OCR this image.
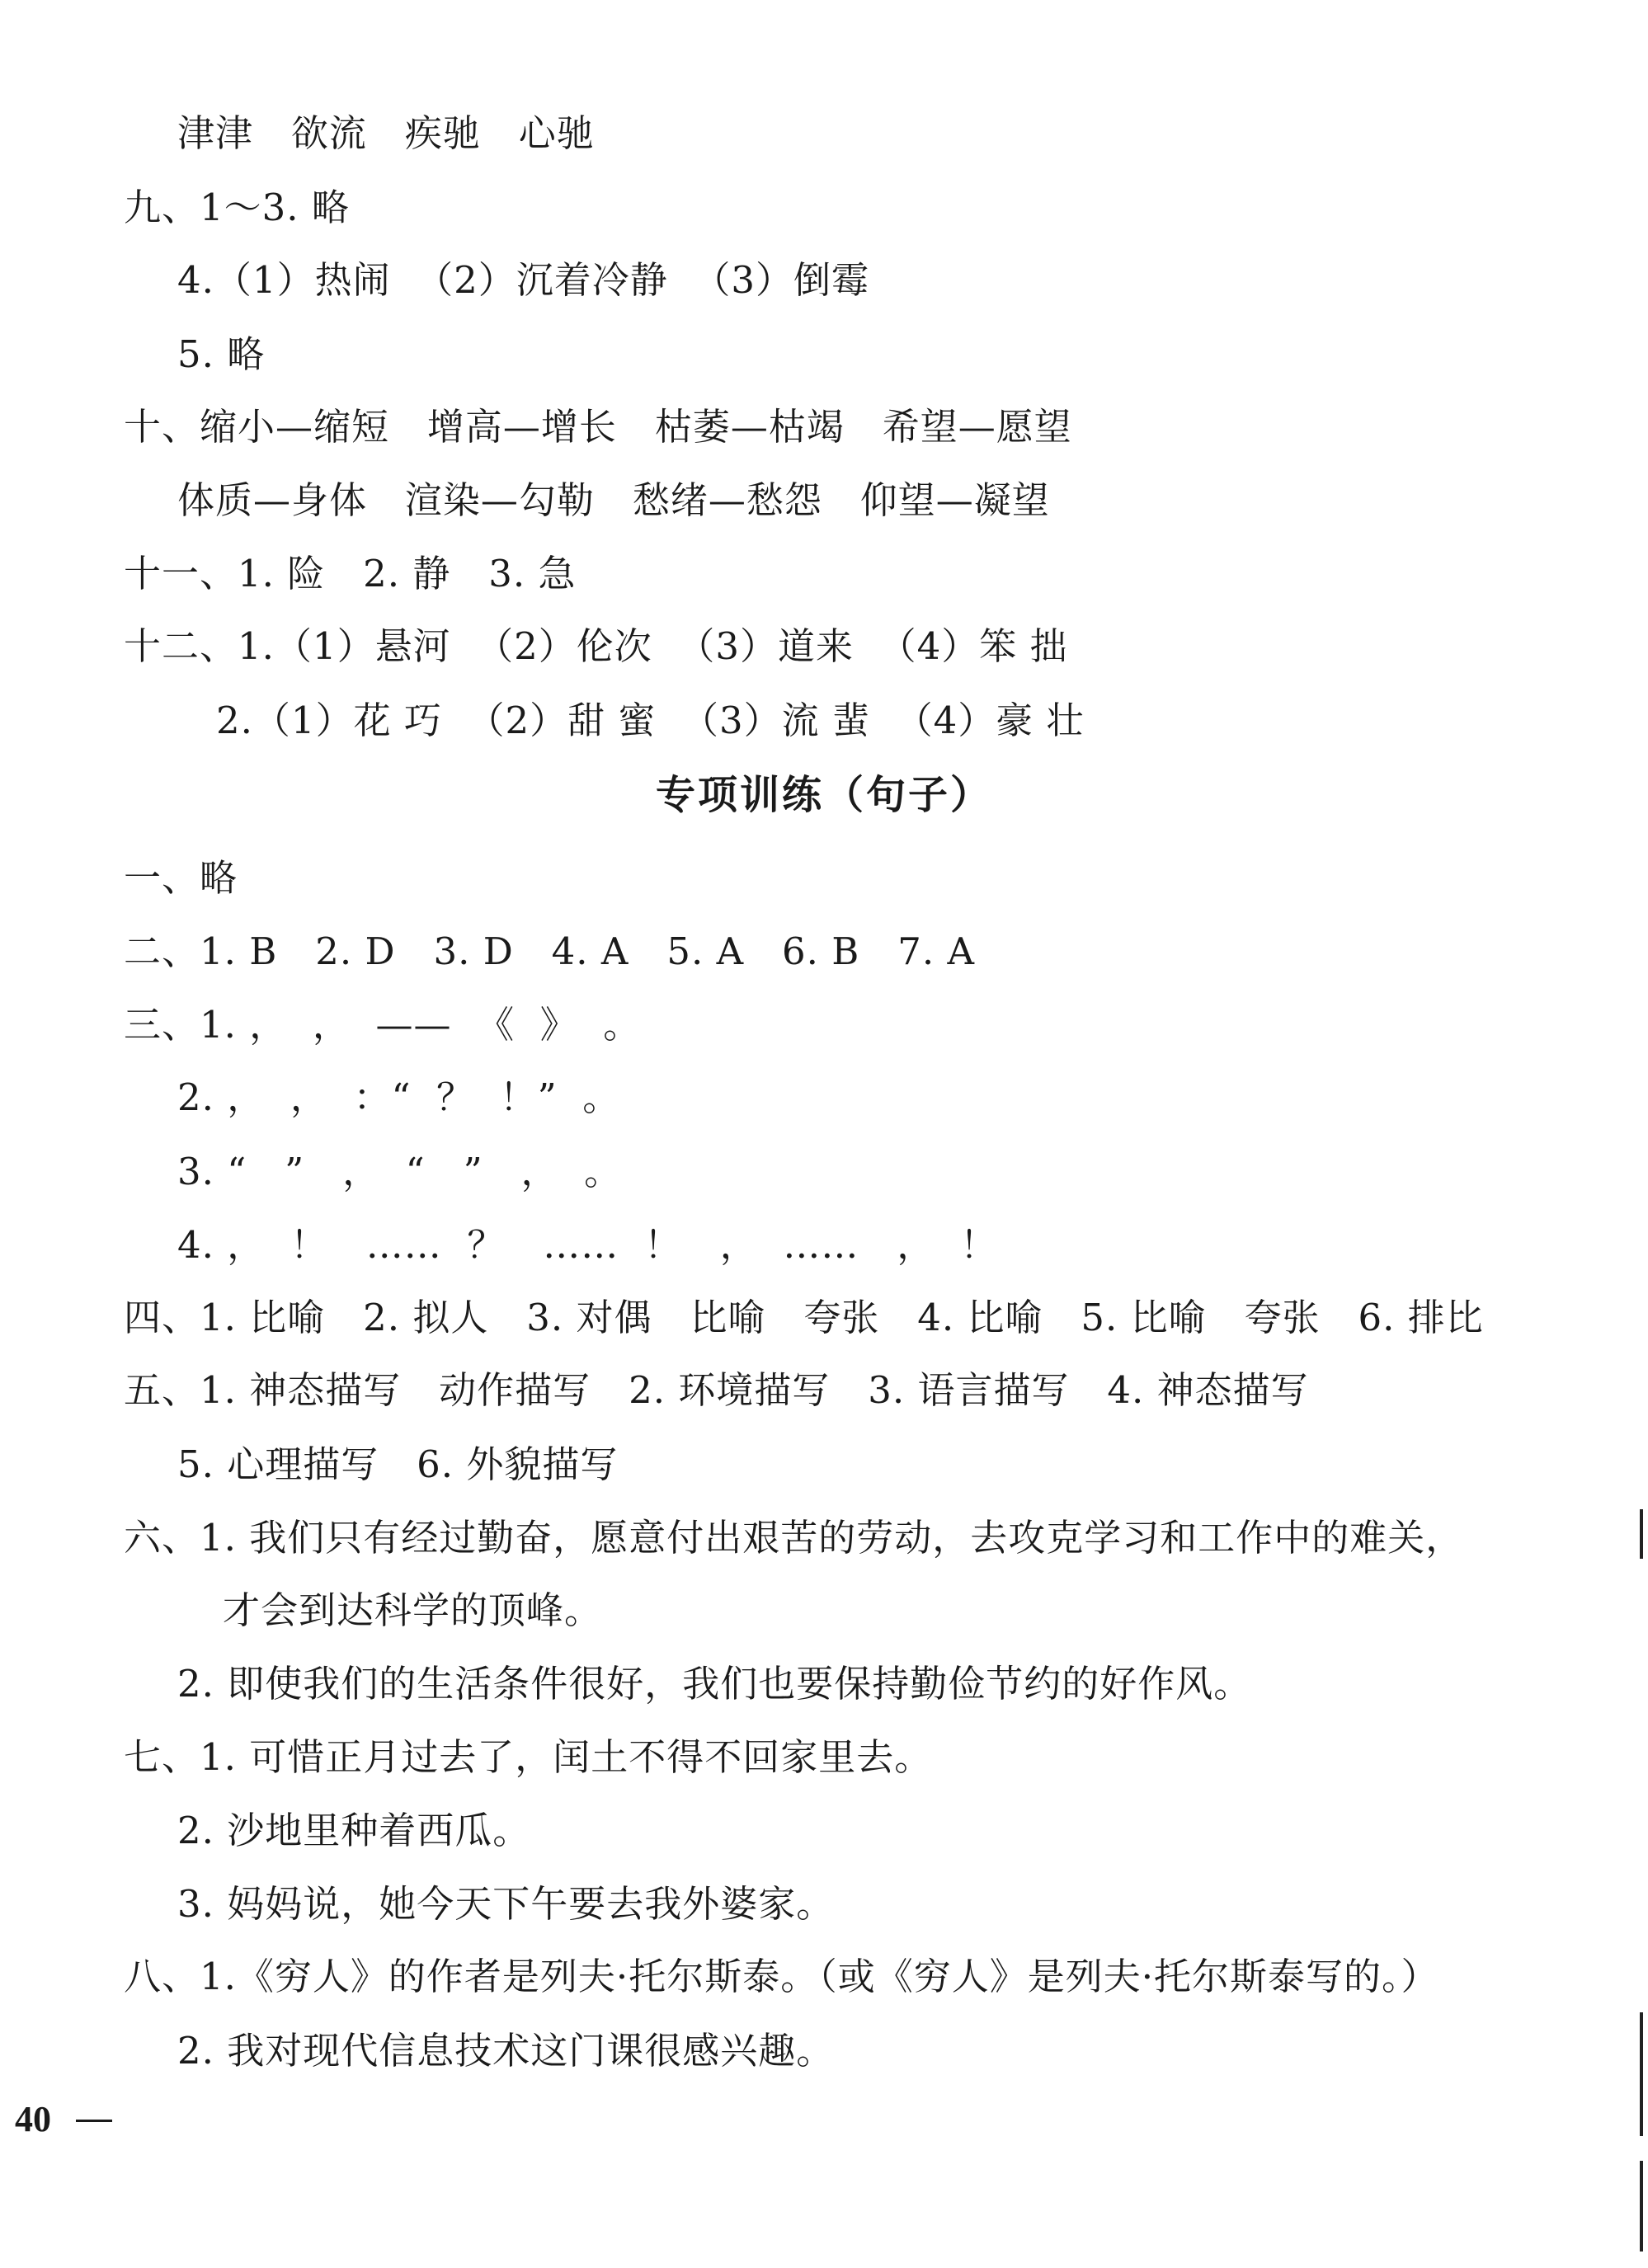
津津   欲流   疾驰   心驰
九、1～3. 略
4.（1）热闹  （2）沉着冷静  （3）倒霉
5. 略
十、缩小—缩短   增高—增长   枯萎—枯竭   希望—愿望
体质—身体   渲染—勾勒   愁绪—愁怨   仰望—凝望
十一、1. 险   2. 静   3. 急
十二、1.（1）悬河  （2）伦次  （3）道来  （4）笨 拙
2.（1）花 巧  （2）甜 蜜  （3）流 蜚  （4）豪 壮
专项训练（句子）
一、略
二、1. B   2. D   3. D   4. A   5. A   6. B   7. A
三、1. ，  ，  ——  《  》  。
2. ，  ，  ：“  ？  ！”  。
3. “   ”   ，  “   ”   ，  。
4. ，  ！   ……  ？   ……  ！   ，  ……   ，  ！
四、1. 比喻   2. 拟人   3. 对偶   比喻   夸张   4. 比喻   5. 比喻   夸张   6. 排比
五、1. 神态描写   动作描写   2. 环境描写   3. 语言描写   4. 神态描写
5. 心理描写   6. 外貌描写
六、1. 我们只有经过勤奋，愿意付出艰苦的劳动，去攻克学习和工作中的难关，
才会到达科学的顶峰。
2. 即使我们的生活条件很好，我们也要保持勤俭节约的好作风。
七、1. 可惜正月过去了，闰土不得不回家里去。
2. 沙地里种着西瓜。
3. 妈妈说，她今天下午要去我外婆家。
八、1.《穷人》的作者是列夫·托尔斯泰。（或《穷人》是列夫·托尔斯泰写的。）
2. 我对现代信息技术这门课很感兴趣。
40
